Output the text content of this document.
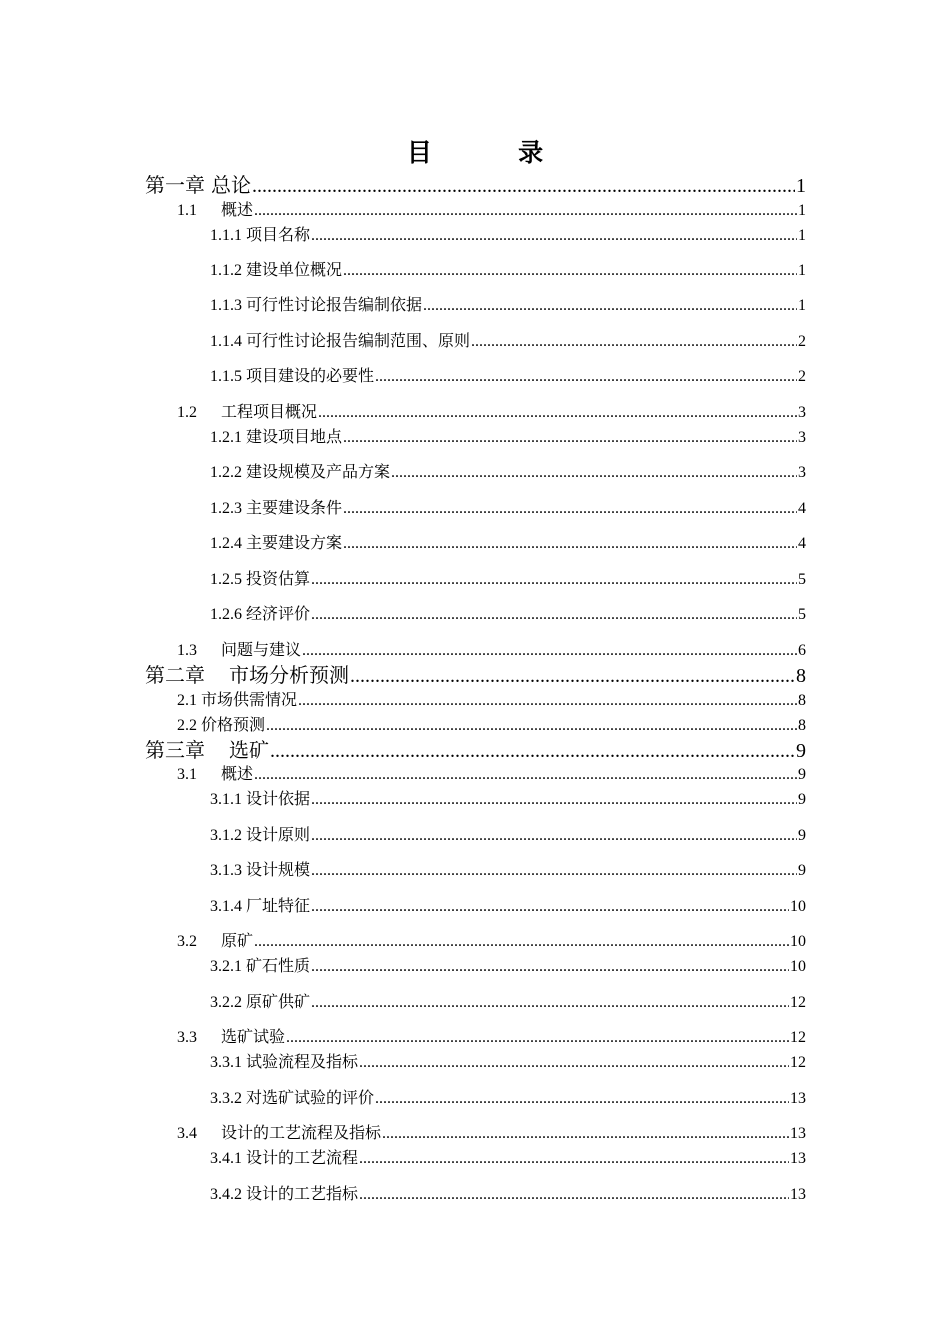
目 录
第一章 总论 .....	1
1.1 概述 .....	1
1.1.1 项目名称 .....	1
1.1.2 建设单位概况 .....	1
1.1.3 可行性讨论报告编制依据 .....	1
1.1.4 可行性讨论报告编制范围、原则 .....	2
1.1.5 项目建设的必要性 .....	2
1.2 工程项目概况 .....	3
1.2.1 建设项目地点 .....	3
1.2.2 建设规模及产品方案 .....	3
1.2.3 主要建设条件 .....	4
1.2.4 主要建设方案 .....	4
1.2.5 投资估算 .....	5
1.2.6 经济评价 .....	5
1.3 问题与建议 .....	6
第二章 市场分析预测 .....	8
2.1 市场供需情况 .....	8
2.2 价格预测 .....	8
第三章 选矿 .....	9
3.1 概述 .....	9
3.1.1 设计依据 .....	9
3.1.2 设计原则 .....	9
3.1.3 设计规模 .....	9
3.1.4 厂址特征 .....	10
3.2 原矿 .....	10
3.2.1 矿石性质 .....	10
3.2.2 原矿供矿 .....	12
3.3 选矿试验 .....	12
3.3.1 试验流程及指标 .....	12
3.3.2 对选矿试验的评价 .....	13
3.4 设计的工艺流程及指标 .....	13
3.4.1 设计的工艺流程 .....	13
3.4.2 设计的工艺指标 .....	13
